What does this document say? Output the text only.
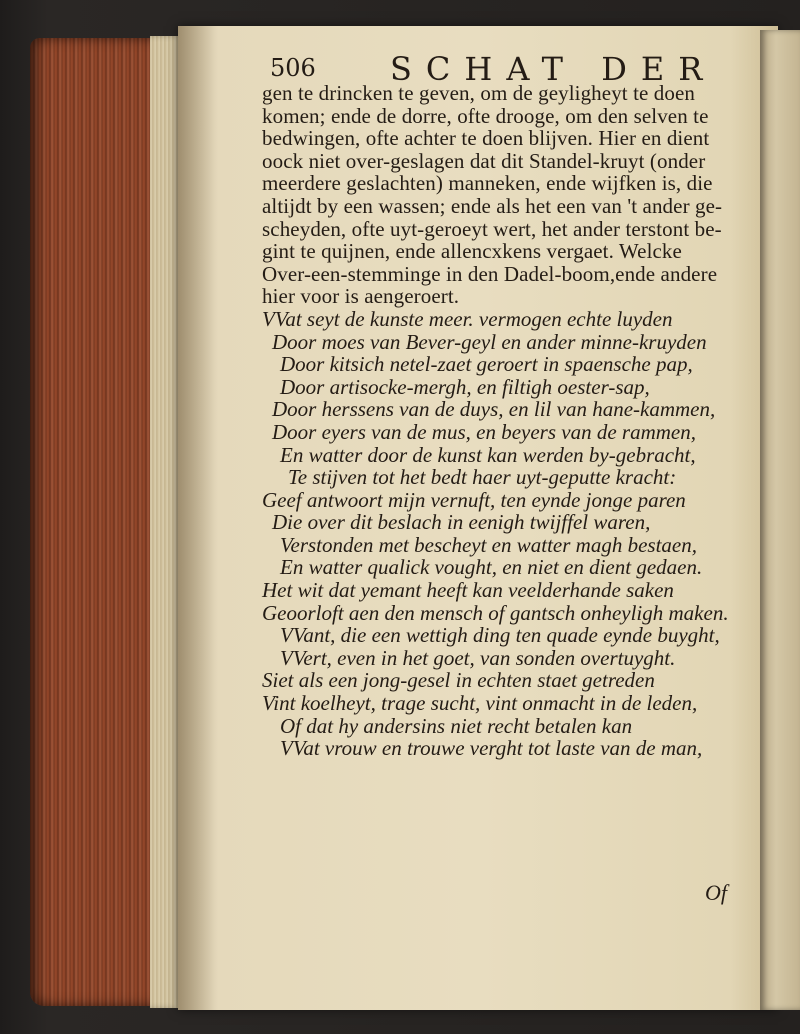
506 SCHAT DER
gen te drincken te geven, om de geyligheyt te doen
komen; ende de dorre, ofte drooge, om den selven te
bedwingen, ofte achter te doen blijven. Hier en dient
oock niet over-geslagen dat dit Standel-kruyt (onder
meerdere geslachten) manneken, ende wijfken is, die
altijdt by een wassen; ende als het een van 't ander ge-
scheyden, ofte uyt-geroeyt wert, het ander terstont be-
gint te quijnen, ende allencxkens vergaet. Welcke
Over-een-stemminge in den Dadel-boom,ende andere
hier voor is aengeroert.
VVat seyt de kunste meer. vermogen echte luyden
Door moes van Bever-geyl en ander minne-kruyden
Door kitsich netel-zaet geroert in spaensche pap,
Door artisocke-mergh, en filtigh oester-sap,
Door herssens van de duys, en lil van hane-kammen,
Door eyers van de mus, en beyers van de rammen,
En watter door de kunst kan werden by-gebracht,
Te stijven tot het bedt haer uyt-geputte kracht:
Geef antwoort mijn vernuft, ten eynde jonge paren
Die over dit beslach in eenigh twijffel waren,
Verstonden met bescheyt en watter magh bestaen,
En watter qualick vought, en niet en dient gedaen.
Het wit dat yemant heeft kan veelderhande saken
Geoorloft aen den mensch of gantsch onheyligh maken.
VVant, die een wettigh ding ten quade eynde buyght,
VVert, even in het goet, van sonden overtuyght.
Siet als een jong-gesel in echten staet getreden
Vint koelheyt, trage sucht, vint onmacht in de leden,
Of dat hy andersins niet recht betalen kan
VVat vrouw en trouwe verght tot laste van de man,
Of
